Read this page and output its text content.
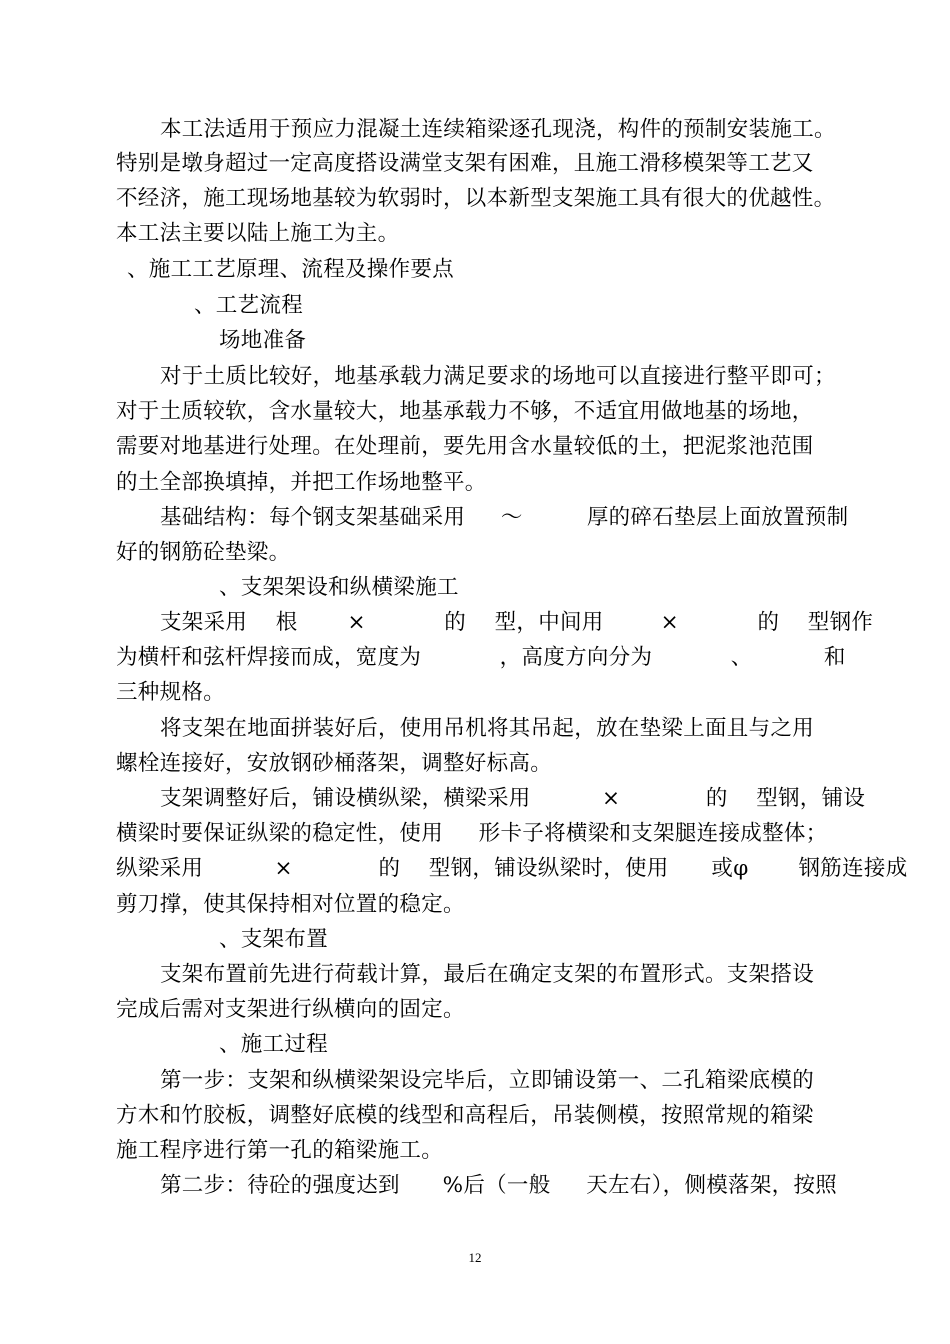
本工法适用于预应力混凝土连续箱梁逐孔现浇，构件的预制安装施工。
特别是墩身超过一定高度搭设满堂支架有困难，且施工滑移模架等工艺又
不经济，施工现场地基较为软弱时，以本新型支架施工具有很大的优越性。
本工法主要以陆上施工为主。
、施工工艺原理、流程及操作要点
、工艺流程
场地准备
对于土质比较好，地基承载力满足要求的场地可以直接进行整平即可；
对于土质较软，含水量较大，地基承载力不够，不适宜用做地基的场地，
需要对地基进行处理。在处理前，要先用含水量较低的土，把泥浆池范围
的土全部换填掉，并把工作场地整平。
基础结构：每个钢支架基础采用     ～         厚的碎石垫层上面放置预制
好的钢筋砼垫梁。
、支架架设和纵横梁施工
支架采用    根       ×           的    型，中间用        ×           的    型钢作
为横杆和弦杆焊接而成，宽度为           ，高度方向分为           、          和
三种规格。
将支架在地面拼装好后，使用吊机将其吊起，放在垫梁上面且与之用
螺栓连接好，安放钢砂桶落架，调整好标高。
支架调整好后，铺设横纵梁，横梁采用          ×            的    型钢，铺设
横梁时要保证纵梁的稳定性，使用     形卡子将横梁和支架腿连接成整体；
纵梁采用          ×            的    型钢，铺设纵梁时，使用      或φ       钢筋连接成
剪刀撑，使其保持相对位置的稳定。
、支架布置
支架布置前先进行荷载计算，最后在确定支架的布置形式。支架搭设
完成后需对支架进行纵横向的固定。
、施工过程
第一步：支架和纵横梁架设完毕后，立即铺设第一、二孔箱梁底模的
方木和竹胶板，调整好底模的线型和高程后，吊装侧模，按照常规的箱梁
施工程序进行第一孔的箱梁施工。
第二步：待砼的强度达到      %后（一般     天左右），侧模落架，按照
12
